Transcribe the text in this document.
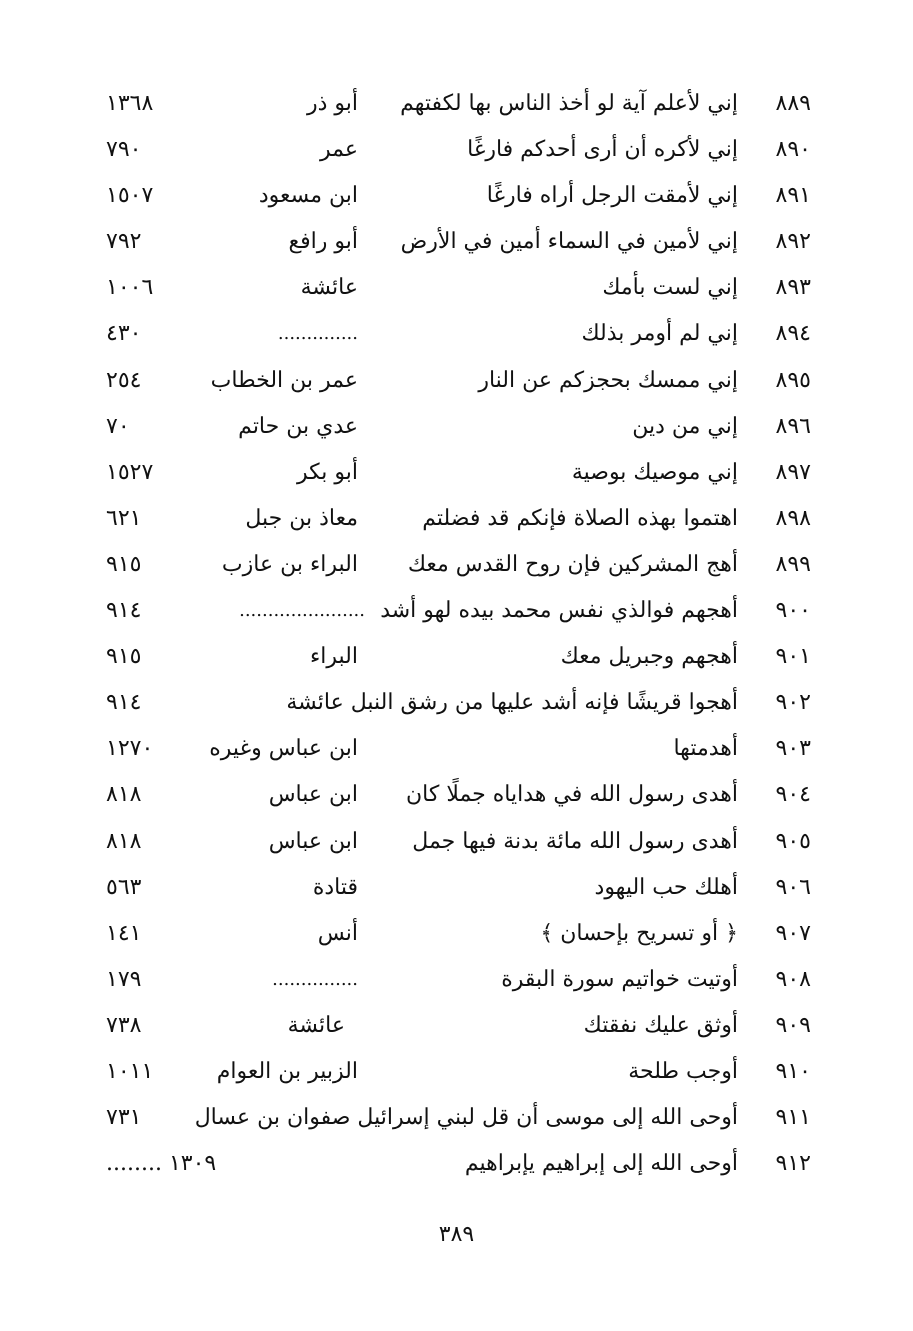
٨٨٩
إني لأعلم آية لو أخذ الناس بها لكفتهم
أبو ذر
١٣٦٨
٨٩٠
إني لأكره أن أرى أحدكم فارغًا
عمر
٧٩٠
٨٩١
إني لأمقت الرجل أراه فارغًا
ابن مسعود
١٥٠٧
٨٩٢
إني لأمين في السماء أمين في الأرض
أبو رافع
٧٩٢
٨٩٣
إني لست بأمك
عائشة
١٠٠٦
٨٩٤
إني لم أومر بذلك
..............
٤٣٠
٨٩٥
إني ممسك بحجزكم عن النار
عمر بن الخطاب
٢٥٤
٨٩٦
إني من دين
عدي بن حاتم
٧٠
٨٩٧
إني موصيك بوصية
أبو بكر
١٥٢٧
٨٩٨
اهتموا بهذه الصلاة فإنكم قد فضلتم
معاذ بن جبل
٦٢١
٨٩٩
أهج المشركين فإن روح القدس معك
البراء بن عازب
٩١٥
٩٠٠
أهجهم فوالذي نفس محمد بيده لهو أشد
......................
٩١٤
٩٠١
أهجهم وجبريل معك
البراء
٩١٥
٩٠٢
أهجوا قريشًا فإنه أشد عليها من رشق النبل عائشة
٩١٤
٩٠٣
أهدمتها
ابن عباس وغيره
١٢٧٠
٩٠٤
أهدى رسول الله في هداياه جملًا كان
ابن عباس
٨١٨
٩٠٥
أهدى رسول الله مائة بدنة فيها جمل
ابن عباس
٨١٨
٩٠٦
أهلك حب اليهود
قتادة
٥٦٣
٩٠٧
﴿ أو تسريح بإحسان ﴾
أنس
١٤١
٩٠٨
أوتيت خواتيم سورة البقرة
...............
١٧٩
٩٠٩
أوثق عليك نفقتك
عائشة
٧٣٨
٩١٠
أوجب طلحة
الزبير بن العوام
١٠١١
٩١١
أوحى الله إلى موسى أن قل لبني إسرائيل صفوان بن عسال
٧٣١
٩١٢
أوحى الله إلى إبراهيم يإبراهيم
........ ١٣٠٩
٣٨٩
